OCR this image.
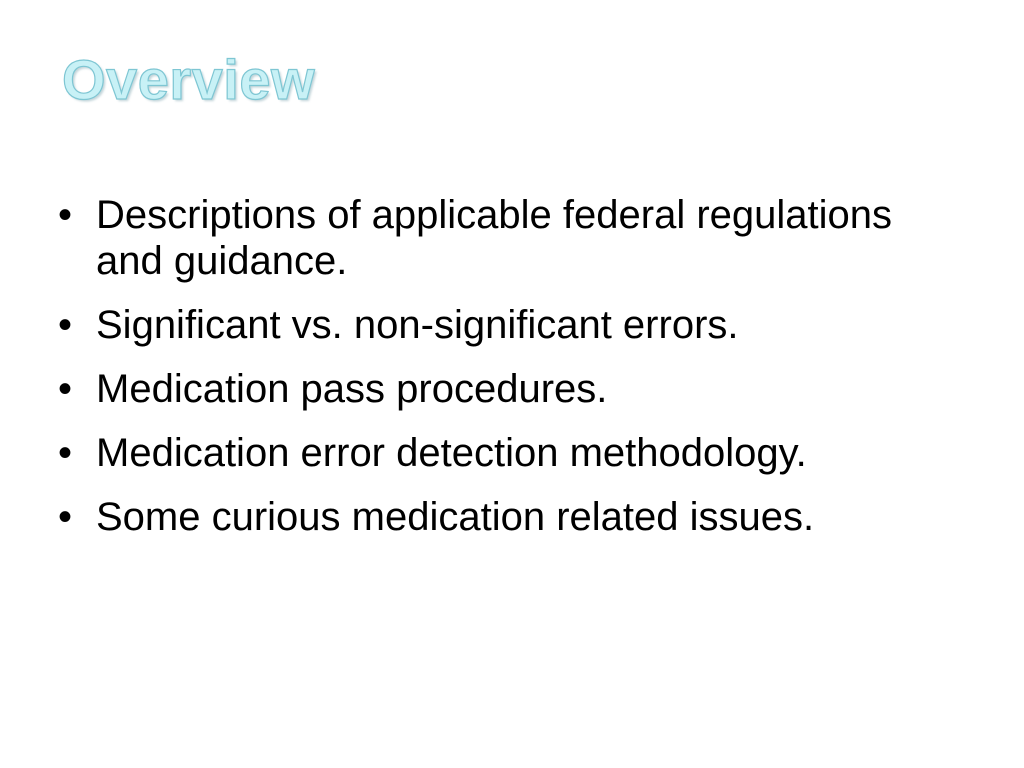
Overview
• Descriptions of applicable federal regulations and guidance.
• Significant vs. non-significant errors.
• Medication pass procedures.
• Medication error detection methodology.
• Some curious medication related issues.
